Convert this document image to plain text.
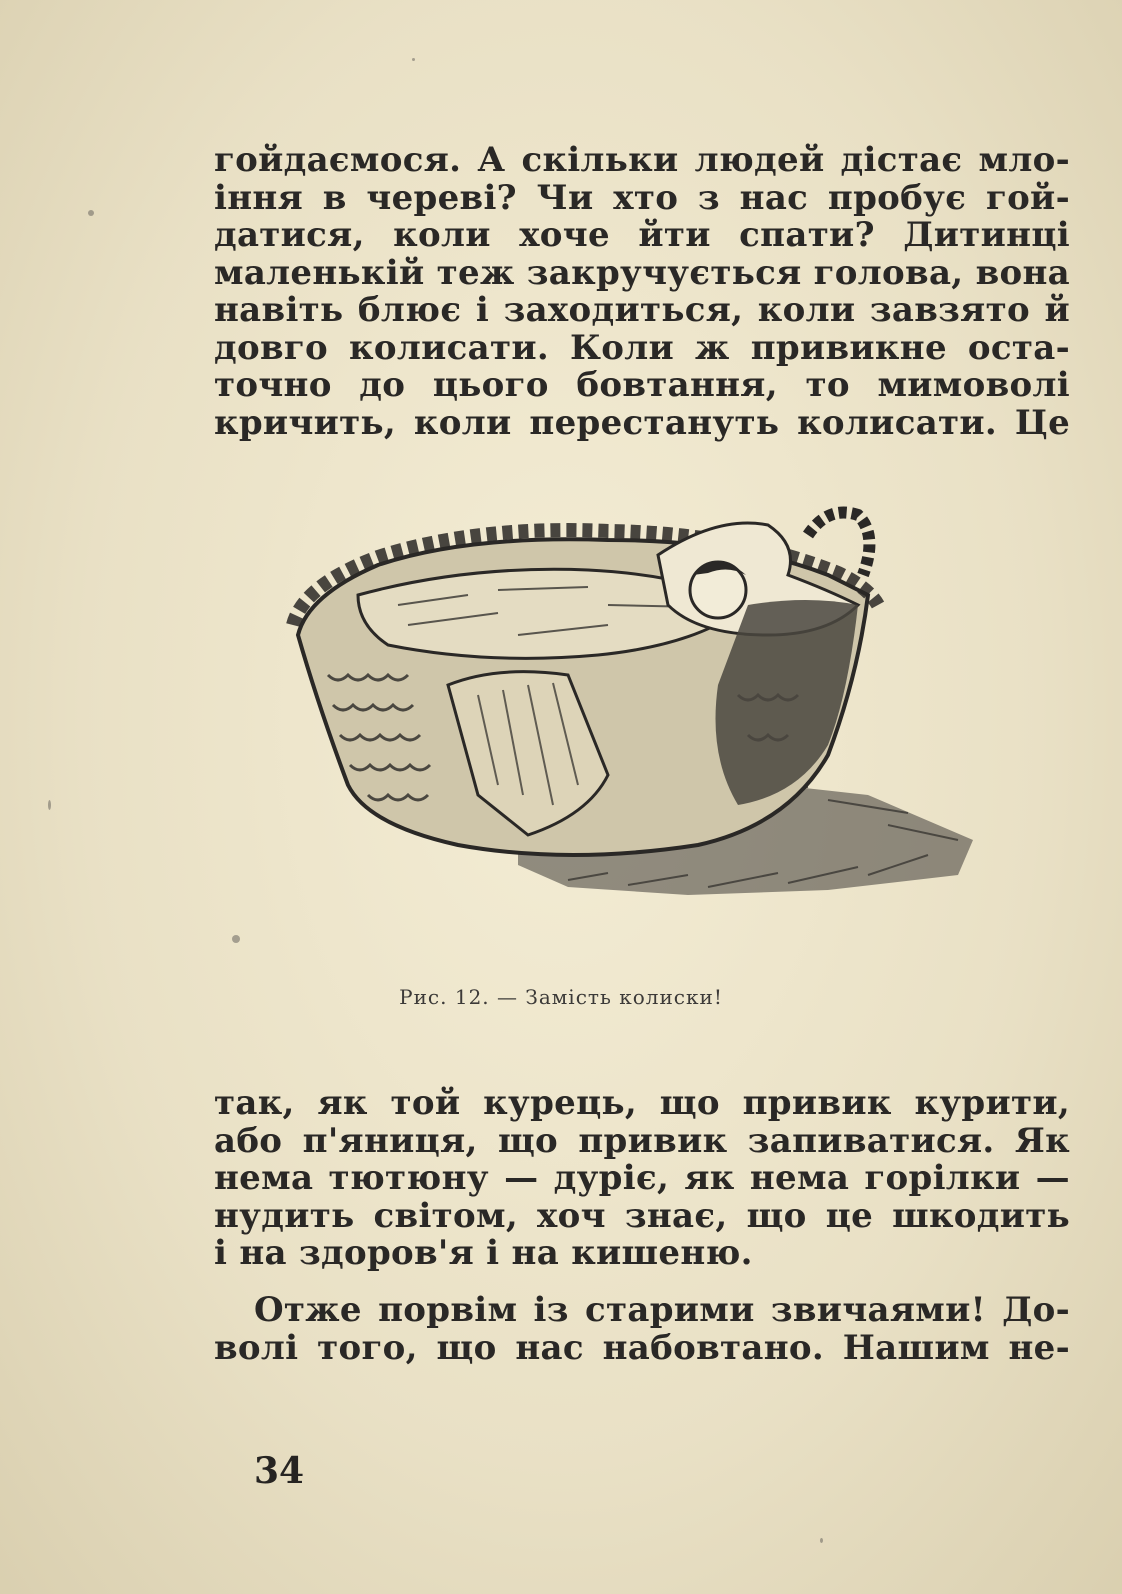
гойдаємося. А скільки людей дістає мло-
іння в череві? Чи хто з нас пробує гой-
датися, коли хоче йти спати? Дитинці
маленькій теж закручується голова, вона
навіть блює і заходиться, коли завзято й
довго колисати. Коли ж привикне оста-
точно до цього бовтання, то мимоволі
кричить, коли перестануть колисати. Це
Рис. 12. — Замість колиски!
так, як той курець, що привик курити,
або п'яниця, що привик запиватися. Як
нема тютюну — дуріє, як нема горілки —
нудить світом, хоч знає, що це шкодить
і на здоров'я і на кишеню.
Отже порвім із старими звичаями! До-
волі того, що нас набовтано. Нашим не-
34
